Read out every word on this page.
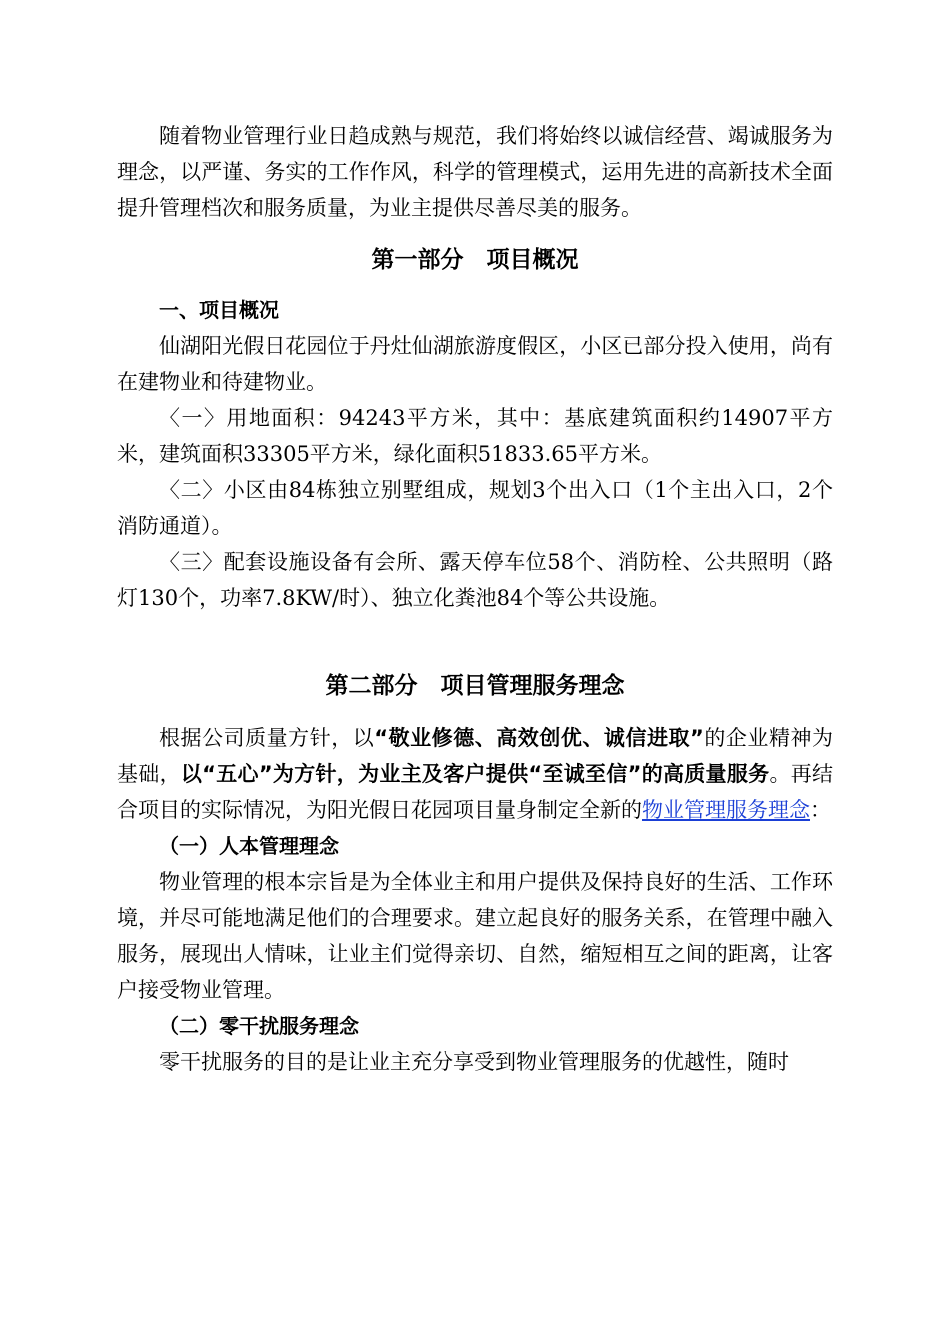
随着物业管理行业日趋成熟与规范，我们将始终以诚信经营、竭诚服务为理念，以严谨、务实的工作作风，科学的管理模式，运用先进的高新技术全面提升管理档次和服务质量，为业主提供尽善尽美的服务。
第一部分　项目概况
一、项目概况
仙湖阳光假日花园位于丹灶仙湖旅游度假区，小区已部分投入使用，尚有在建物业和待建物业。
〈一〉用地面积：94243平方米，其中：基底建筑面积约14907平方米，建筑面积33305平方米，绿化面积51833.65平方米。
〈二〉小区由84栋独立别墅组成，规划3个出入口（1个主出入口，2个消防通道）。
〈三〉配套设施设备有会所、露天停车位58个、消防栓、公共照明（路灯130个，功率7.8KW/时）、独立化粪池84个等公共设施。
第二部分　项目管理服务理念
根据公司质量方针，以“敬业修德、高效创优、诚信进取”的企业精神为基础，以“五心”为方针，为业主及客户提供“至诚至信”的高质量服务。再结合项目的实际情况，为阳光假日花园项目量身制定全新的物业管理服务理念：
（一）人本管理理念
物业管理的根本宗旨是为全体业主和用户提供及保持良好的生活、工作环境，并尽可能地满足他们的合理要求。建立起良好的服务关系，在管理中融入服务，展现出人情味，让业主们觉得亲切、自然，缩短相互之间的距离，让客户接受物业管理。
（二）零干扰服务理念
零干扰服务的目的是让业主充分享受到物业管理服务的优越性，随时
